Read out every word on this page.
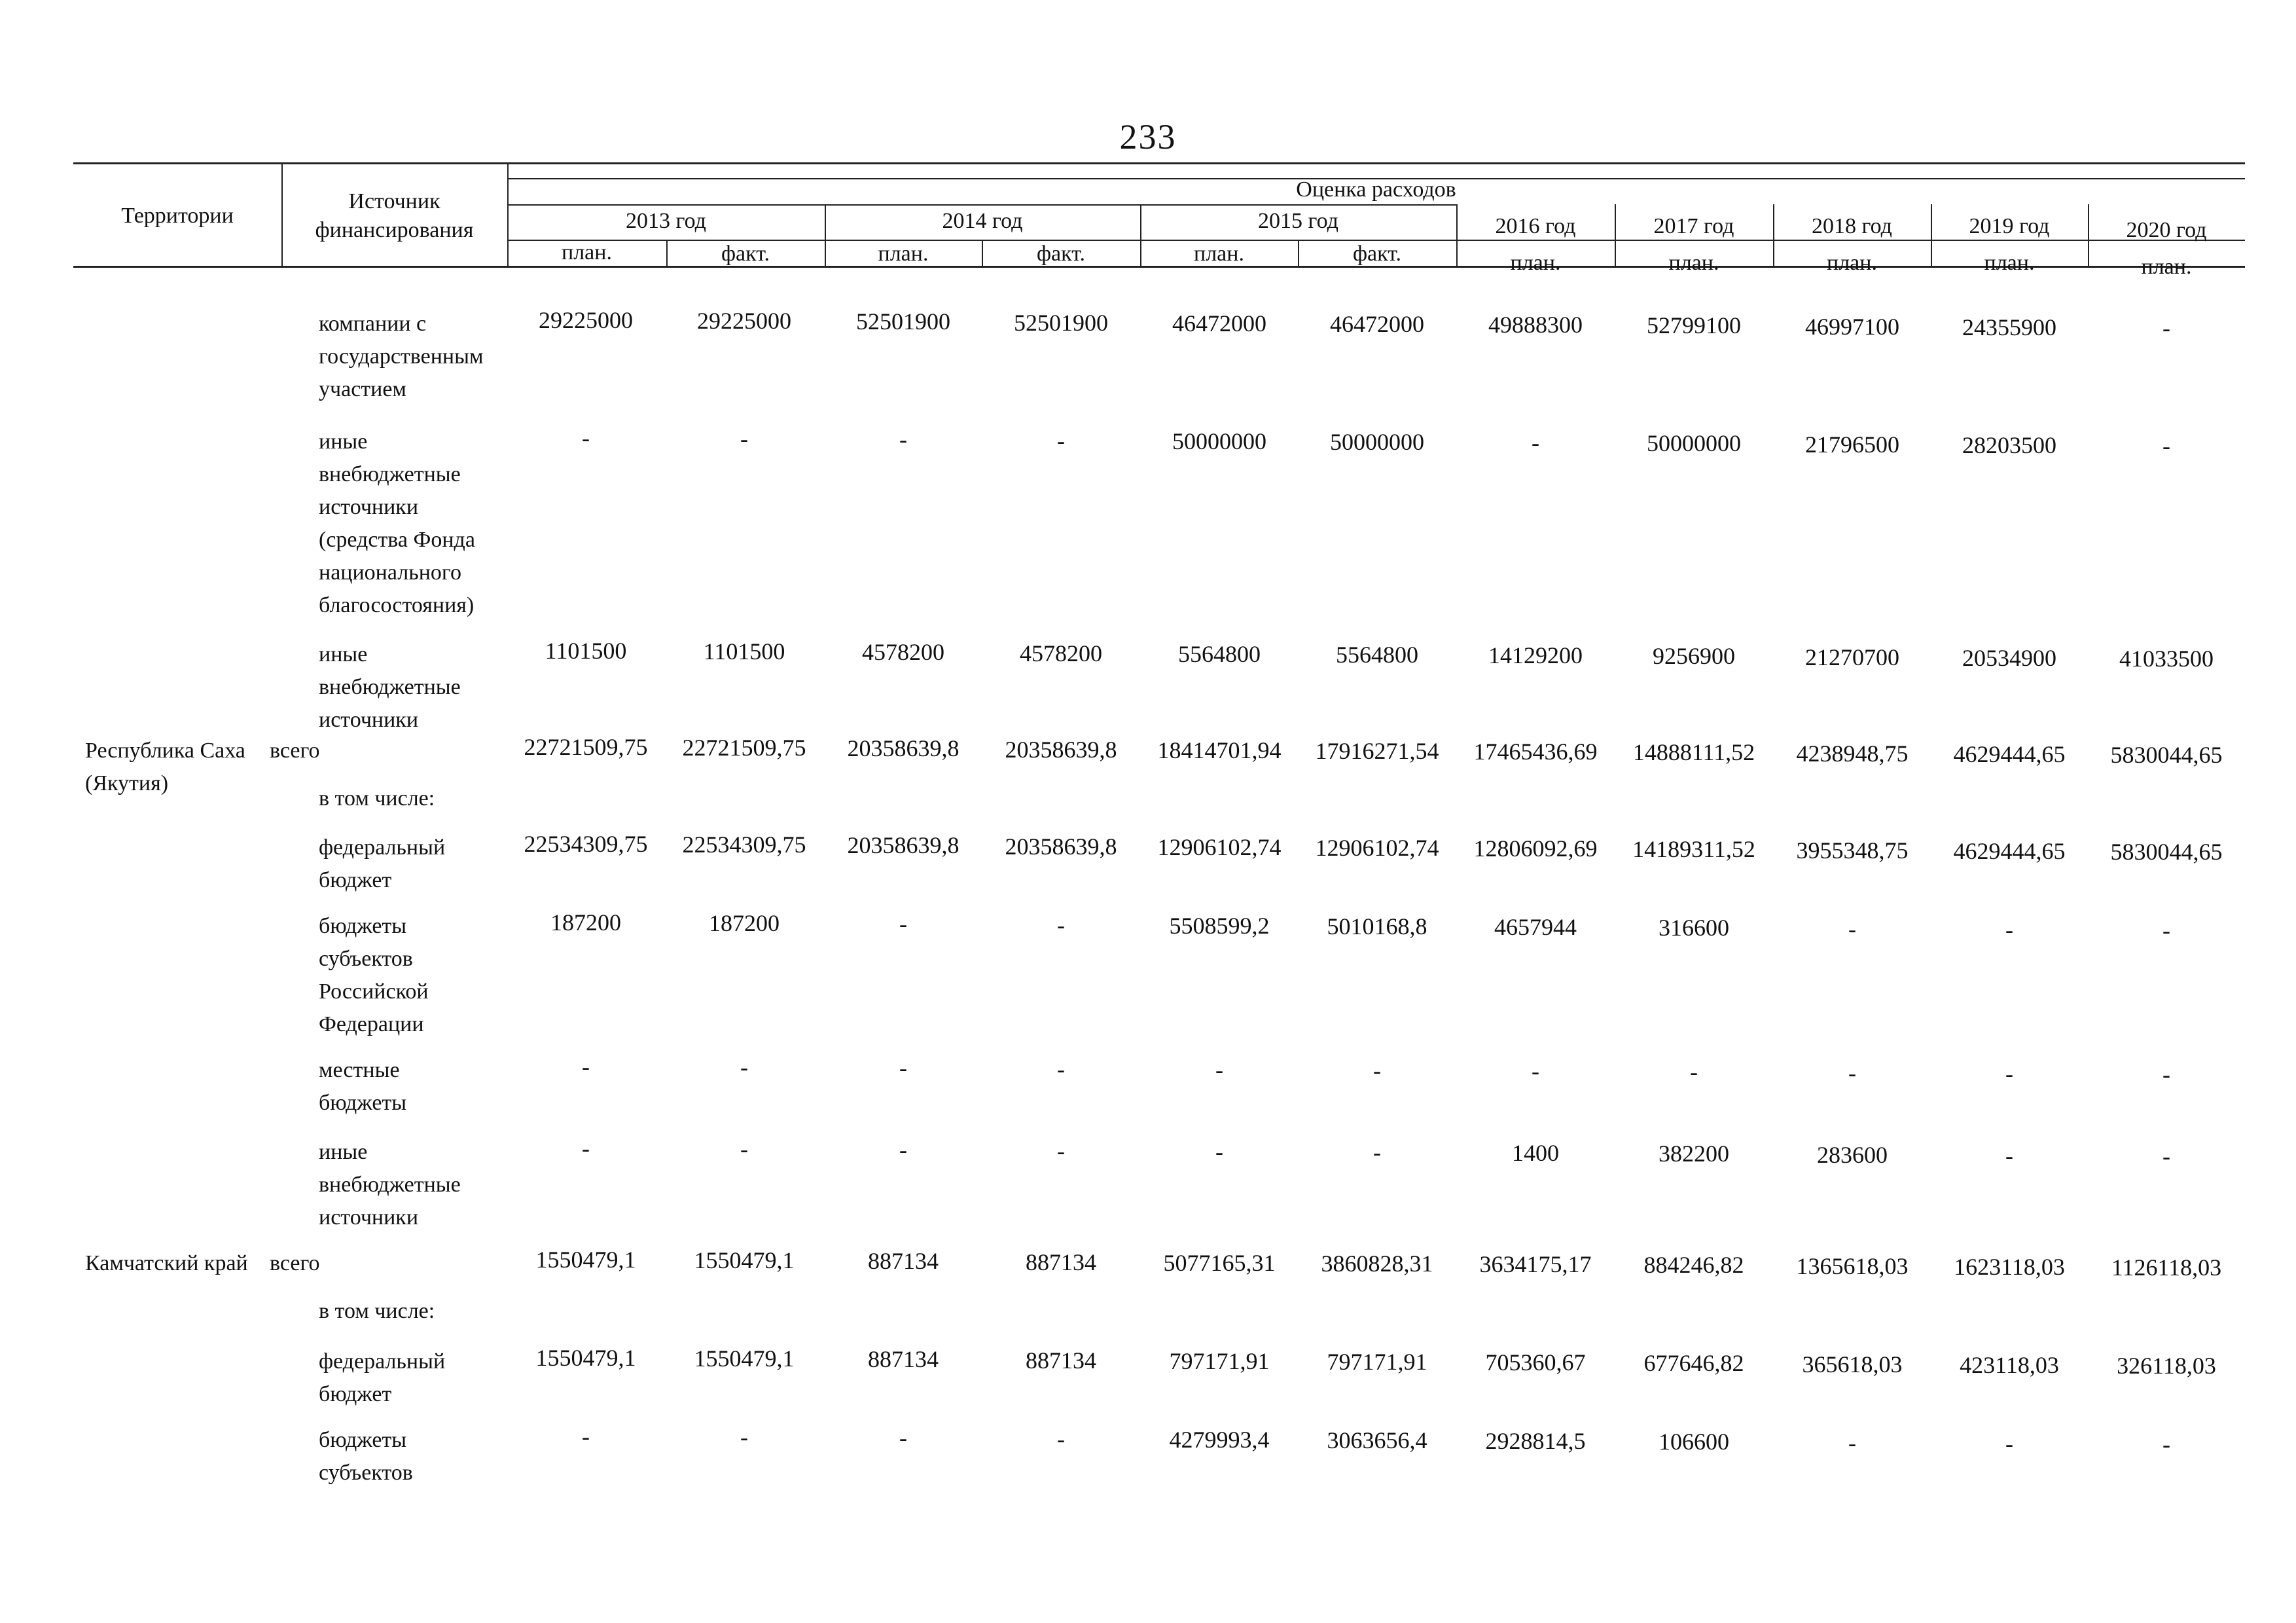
233
Территории
Источник
финансирования
Оценка расходов
2013 год	2014 год	2015 год	2016 год	2017 год	2018 год	2019 год	2020 год
план.	факт.	план.	факт.	план.	факт.	план.	план.	план.	план.	план.
компании с
государственным
участием
29225000	29225000	52501900	52501900	46472000	46472000	49888300	52799100	46997100	24355900	-
иные
внебюджетные
источники
(средства Фонда
национального
благосостояния)
-	-	-	-	50000000	50000000	-	50000000	21796500	28203500	-
иные
внебюджетные
источники
1101500	1101500	4578200	4578200	5564800	5564800	14129200	9256900	21270700	20534900	41033500
Республика Саха
(Якутия)
всего	22721509,75	22721509,75	20358639,8	20358639,8	18414701,94	17916271,54	17465436,69	14888111,52	4238948,75	4629444,65	5830044,65
в том числе:
федеральный
бюджет
22534309,75	22534309,75	20358639,8	20358639,8	12906102,74	12906102,74	12806092,69	14189311,52	3955348,75	4629444,65	5830044,65
бюджеты
субъектов
Российской
Федерации
187200	187200	-	-	5508599,2	5010168,8	4657944	316600	-	-	-
местные
бюджеты
-	-	-	-	-	-	-	-	-	-	-
иные
внебюджетные
источники
-	-	-	-	-	-	1400	382200	283600	-	-
Камчатский край всего	1550479,1	1550479,1	887134	887134	5077165,31	3860828,31	3634175,17	884246,82	1365618,03	1623118,03	1126118,03
в том числе:
федеральный
бюджет
1550479,1	1550479,1	887134	887134	797171,91	797171,91	705360,67	677646,82	365618,03	423118,03	326118,03
бюджеты
субъектов
-	-	-	-	4279993,4	3063656,4	2928814,5	106600	-	-	-
